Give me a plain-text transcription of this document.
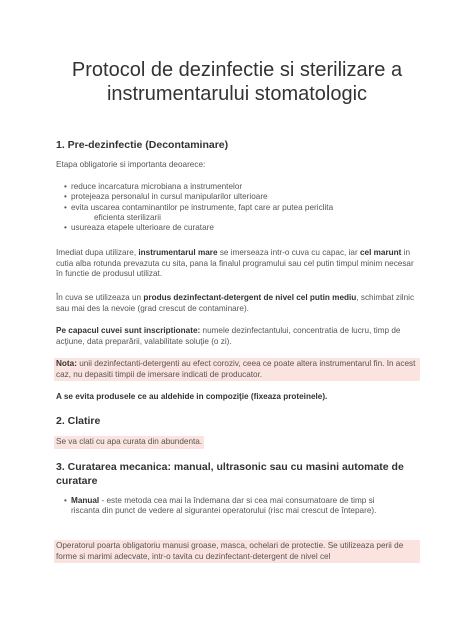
Protocol de dezinfectie si sterilizare a instrumentarului stomatologic
1. Pre-dezinfectie (Decontaminare)
Etapa obligatorie si importanta deoarece:
• reduce incarcatura microbiana a instrumentelor
• protejeaza personalul in cursul manipularilor ulterioare
• evita uscarea contaminantilor pe instrumente, fapt care ar putea periclita
eficienta sterilizarii
• usureaza etapele ulterioare de curatare
Imediat dupa utilizare, instrumentarul mare se imerseaza intr-o cuva cu capac, iar cel marunt in cutia alba rotunda prevazuta cu sita, pana la finalul programului sau cel putin timpul minim necesar în functie de produsul utilizat.
În cuva se utilizeaza un produs dezinfectant-detergent de nivel cel putin mediu, schimbat zilnic sau mai des la nevoie (grad crescut de contaminare).
Pe capacul cuvei sunt inscriptionate: numele dezinfectantului, concentratia de lucru, timp de acţiune, data preparării, valabilitate soluţie (o zi).
Nota: unii dezinfectanti-detergenti au efect coroziv, ceea ce poate altera instrumentarul fin. In acest caz, nu depasiti timpii de imersare indicati de producator.
A se evita produsele ce au aldehide in compoziţie (fixeaza proteinele).
2. Clatire
Se va clati cu apa curata din abundenta.
3. Curatarea mecanica: manual, ultrasonic sau cu masini automate de curatare
• Manual - este metoda cea mai la îndemana dar si cea mai consumatoare de timp si riscanta din punct de vedere al sigurantei operatorului (risc mai crescut de întepare).
Operatorul poarta obligatoriu manusi groase, masca, ochelari de protectie. Se utilizeaza perii de forme si marimi adecvate, intr-o tavita cu dezinfectant-detergent de nivel cel
